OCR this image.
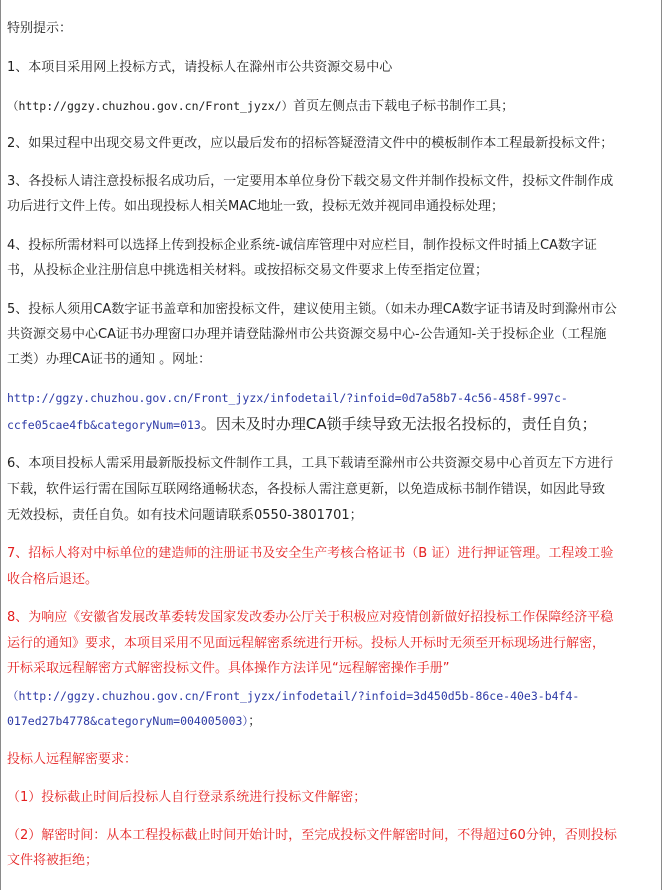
特别提示：
1、本项目采用网上投标方式，请投标人在滁州市公共资源交易中心
（http://ggzy.chuzhou.gov.cn/Front_jyzx/）首页左侧点击下载电子标书制作工具；
2、如果过程中出现交易文件更改，应以最后发布的招标答疑澄清文件中的模板制作本工程最新投标文件；
3、各投标人请注意投标报名成功后，一定要用本单位身份下载交易文件并制作投标文件，投标文件制作成
功后进行文件上传。如出现投标人相关MAC地址一致，投标无效并视同串通投标处理；
4、投标所需材料可以选择上传到投标企业系统-诚信库管理中对应栏目，制作投标文件时插上CA数字证
书，从投标企业注册信息中挑选相关材料。或按招标交易文件要求上传至指定位置；
5、投标人须用CA数字证书盖章和加密投标文件，建议使用主锁。（如未办理CA数字证书请及时到滁州市公
共资源交易中心CA证书办理窗口办理并请登陆滁州市公共资源交易中心-公告通知-关于投标企业（工程施
工类）办理CA证书的通知 。网址：
http://ggzy.chuzhou.gov.cn/Front_jyzx/infodetail/?infoid=0d7a58b7-4c56-458f-997c-
ccfe05cae4fb&categoryNum=013。因未及时办理CA锁手续导致无法报名投标的，责任自负；
6、本项目投标人需采用最新版投标文件制作工具，工具下载请至滁州市公共资源交易中心首页左下方进行
下载，软件运行需在国际互联网络通畅状态，各投标人需注意更新，以免造成标书制作错误，如因此导致
无效投标，责任自负。如有技术问题请联系0550-3801701；
7、招标人将对中标单位的建造师的注册证书及安全生产考核合格证书（B 证）进行押证管理。工程竣工验
收合格后退还。
8、为响应《安徽省发展改革委转发国家发改委办公厅关于积极应对疫情创新做好招投标工作保障经济平稳
运行的通知》要求，本项目采用不见面远程解密系统进行开标。投标人开标时无须至开标现场进行解密，
开标采取远程解密方式解密投标文件。具体操作方法详见“远程解密操作手册”
（http://ggzy.chuzhou.gov.cn/Front_jyzx/infodetail/?infoid=3d450d5b-86ce-40e3-b4f4-
017ed27b4778&categoryNum=004005003）；
投标人远程解密要求：
（1）投标截止时间后投标人自行登录系统进行投标文件解密；
（2）解密时间：从本工程投标截止时间开始计时，至完成投标文件解密时间，不得超过60分钟，否则投标
文件将被拒绝；
